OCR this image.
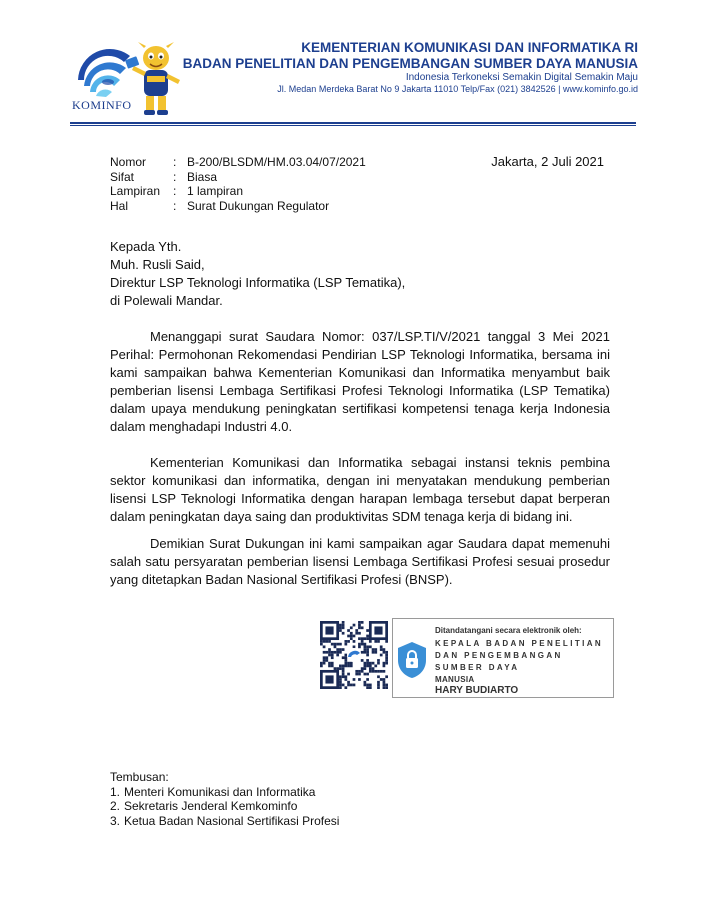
KOMINFO
KEMENTERIAN KOMUNIKASI DAN INFORMATIKA RI
BADAN PENELITIAN DAN PENGEMBANGAN SUMBER DAYA MANUSIA
Indonesia Terkoneksi Semakin Digital Semakin Maju
Jl. Medan Merdeka Barat No 9 Jakarta 11010 Telp/Fax (021) 3842526 | www.kominfo.go.id
Nomor	: B-200/BLSDM/HM.03.04/07/2021
Sifat	: Biasa
Lampiran	: 1 lampiran
Hal	: Surat Dukungan Regulator
Jakarta, 2 Juli 2021
Kepada Yth.
Muh. Rusli Said,
Direktur LSP Teknologi Informatika (LSP Tematika),
di Polewali Mandar.

Menanggapi surat Saudara Nomor: 037/LSP.TI/V/2021 tanggal 3 Mei 2021 Perihal: Permohonan Rekomendasi Pendirian LSP Teknologi Informatika, bersama ini kami sampaikan bahwa Kementerian Komunikasi dan Informatika menyambut baik pemberian lisensi Lembaga Sertifikasi Profesi Teknologi Informatika (LSP Tematika) dalam upaya mendukung peningkatan sertifikasi kompetensi tenaga kerja Indonesia dalam menghadapi Industri 4.0.

Kementerian Komunikasi dan Informatika sebagai instansi teknis pembina sektor komunikasi dan informatika, dengan ini menyatakan mendukung pemberian lisensi LSP Teknologi Informatika dengan harapan lembaga tersebut dapat berperan dalam peningkatan daya saing dan produktivitas SDM tenaga kerja di bidang ini.

Demikian Surat Dukungan ini kami sampaikan agar Saudara dapat memenuhi salah satu persyaratan pemberian lisensi Lembaga Sertifikasi Profesi sesuai prosedur yang ditetapkan Badan Nasional Sertifikasi Profesi (BNSP).

Ditandatangani secara elektronik oleh:
KEPALA BADAN PENELITIAN DAN PENGEMBANGAN SUMBER DAYA
MANUSIA
HARY BUDIARTO
Tembusan:
1. Menteri Komunikasi dan Informatika
2. Sekretaris Jenderal Kemkominfo
3. Ketua Badan Nasional Sertifikasi Profesi
